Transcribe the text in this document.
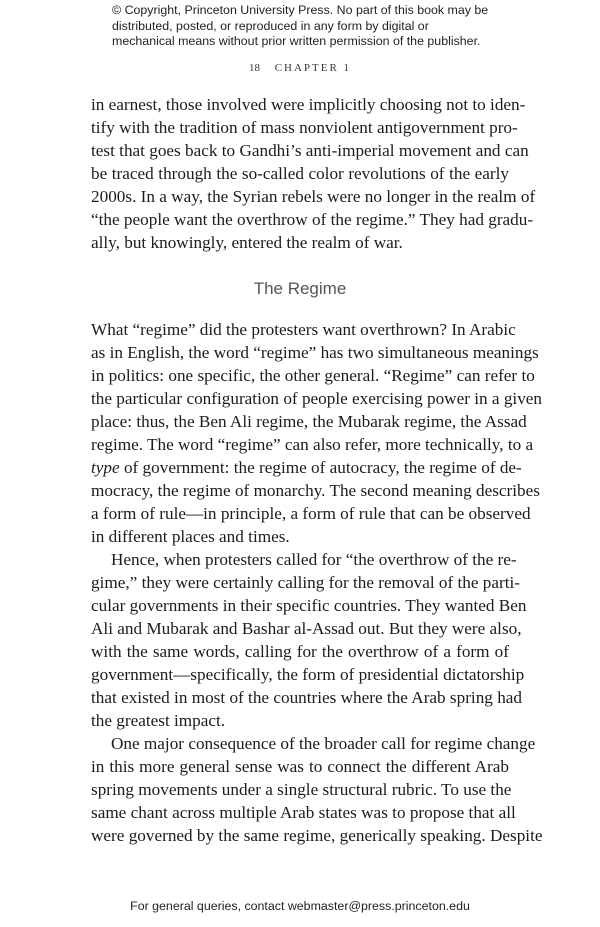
© Copyright, Princeton University Press. No part of this book may be distributed, posted, or reproduced in any form by digital or mechanical means without prior written permission of the publisher.
18 CHAPTER 1
in earnest, those involved were implicitly choosing not to iden-
tify with the tradition of mass nonviolent antigovernment pro-
test that goes back to Gandhi’s anti-imperial movement and can
be traced through the so-called color revolutions of the early
2000s. In a way, the Syrian rebels were no longer in the realm of
“the people want the overthrow of the regime.” They had gradu-
ally, but knowingly, entered the realm of war.
The Regime
What “regime” did the protesters want overthrown? In Arabic
as in English, the word “regime” has two simultaneous meanings
in politics: one specific, the other general. “Regime” can refer to
the particular configuration of people exercising power in a given
place: thus, the Ben Ali regime, the Mubarak regime, the Assad
regime. The word “regime” can also refer, more technically, to a
type of government: the regime of autocracy, the regime of de-
mocracy, the regime of monarchy. The second meaning describes
a form of rule—in principle, a form of rule that can be observed
in different places and times.
Hence, when protesters called for “the overthrow of the re-
gime,” they were certainly calling for the removal of the parti-
cular governments in their specific countries. They wanted Ben
Ali and Mubarak and Bashar al-Assad out. But they were also,
with the same words, calling for the overthrow of a form of
government—specifically, the form of presidential dictatorship
that existed in most of the countries where the Arab spring had
the greatest impact.
One major consequence of the broader call for regime change
in this more general sense was to connect the different Arab
spring movements under a single structural rubric. To use the
same chant across multiple Arab states was to propose that all
were governed by the same regime, generically speaking. Despite
For general queries, contact webmaster@press.princeton.edu
